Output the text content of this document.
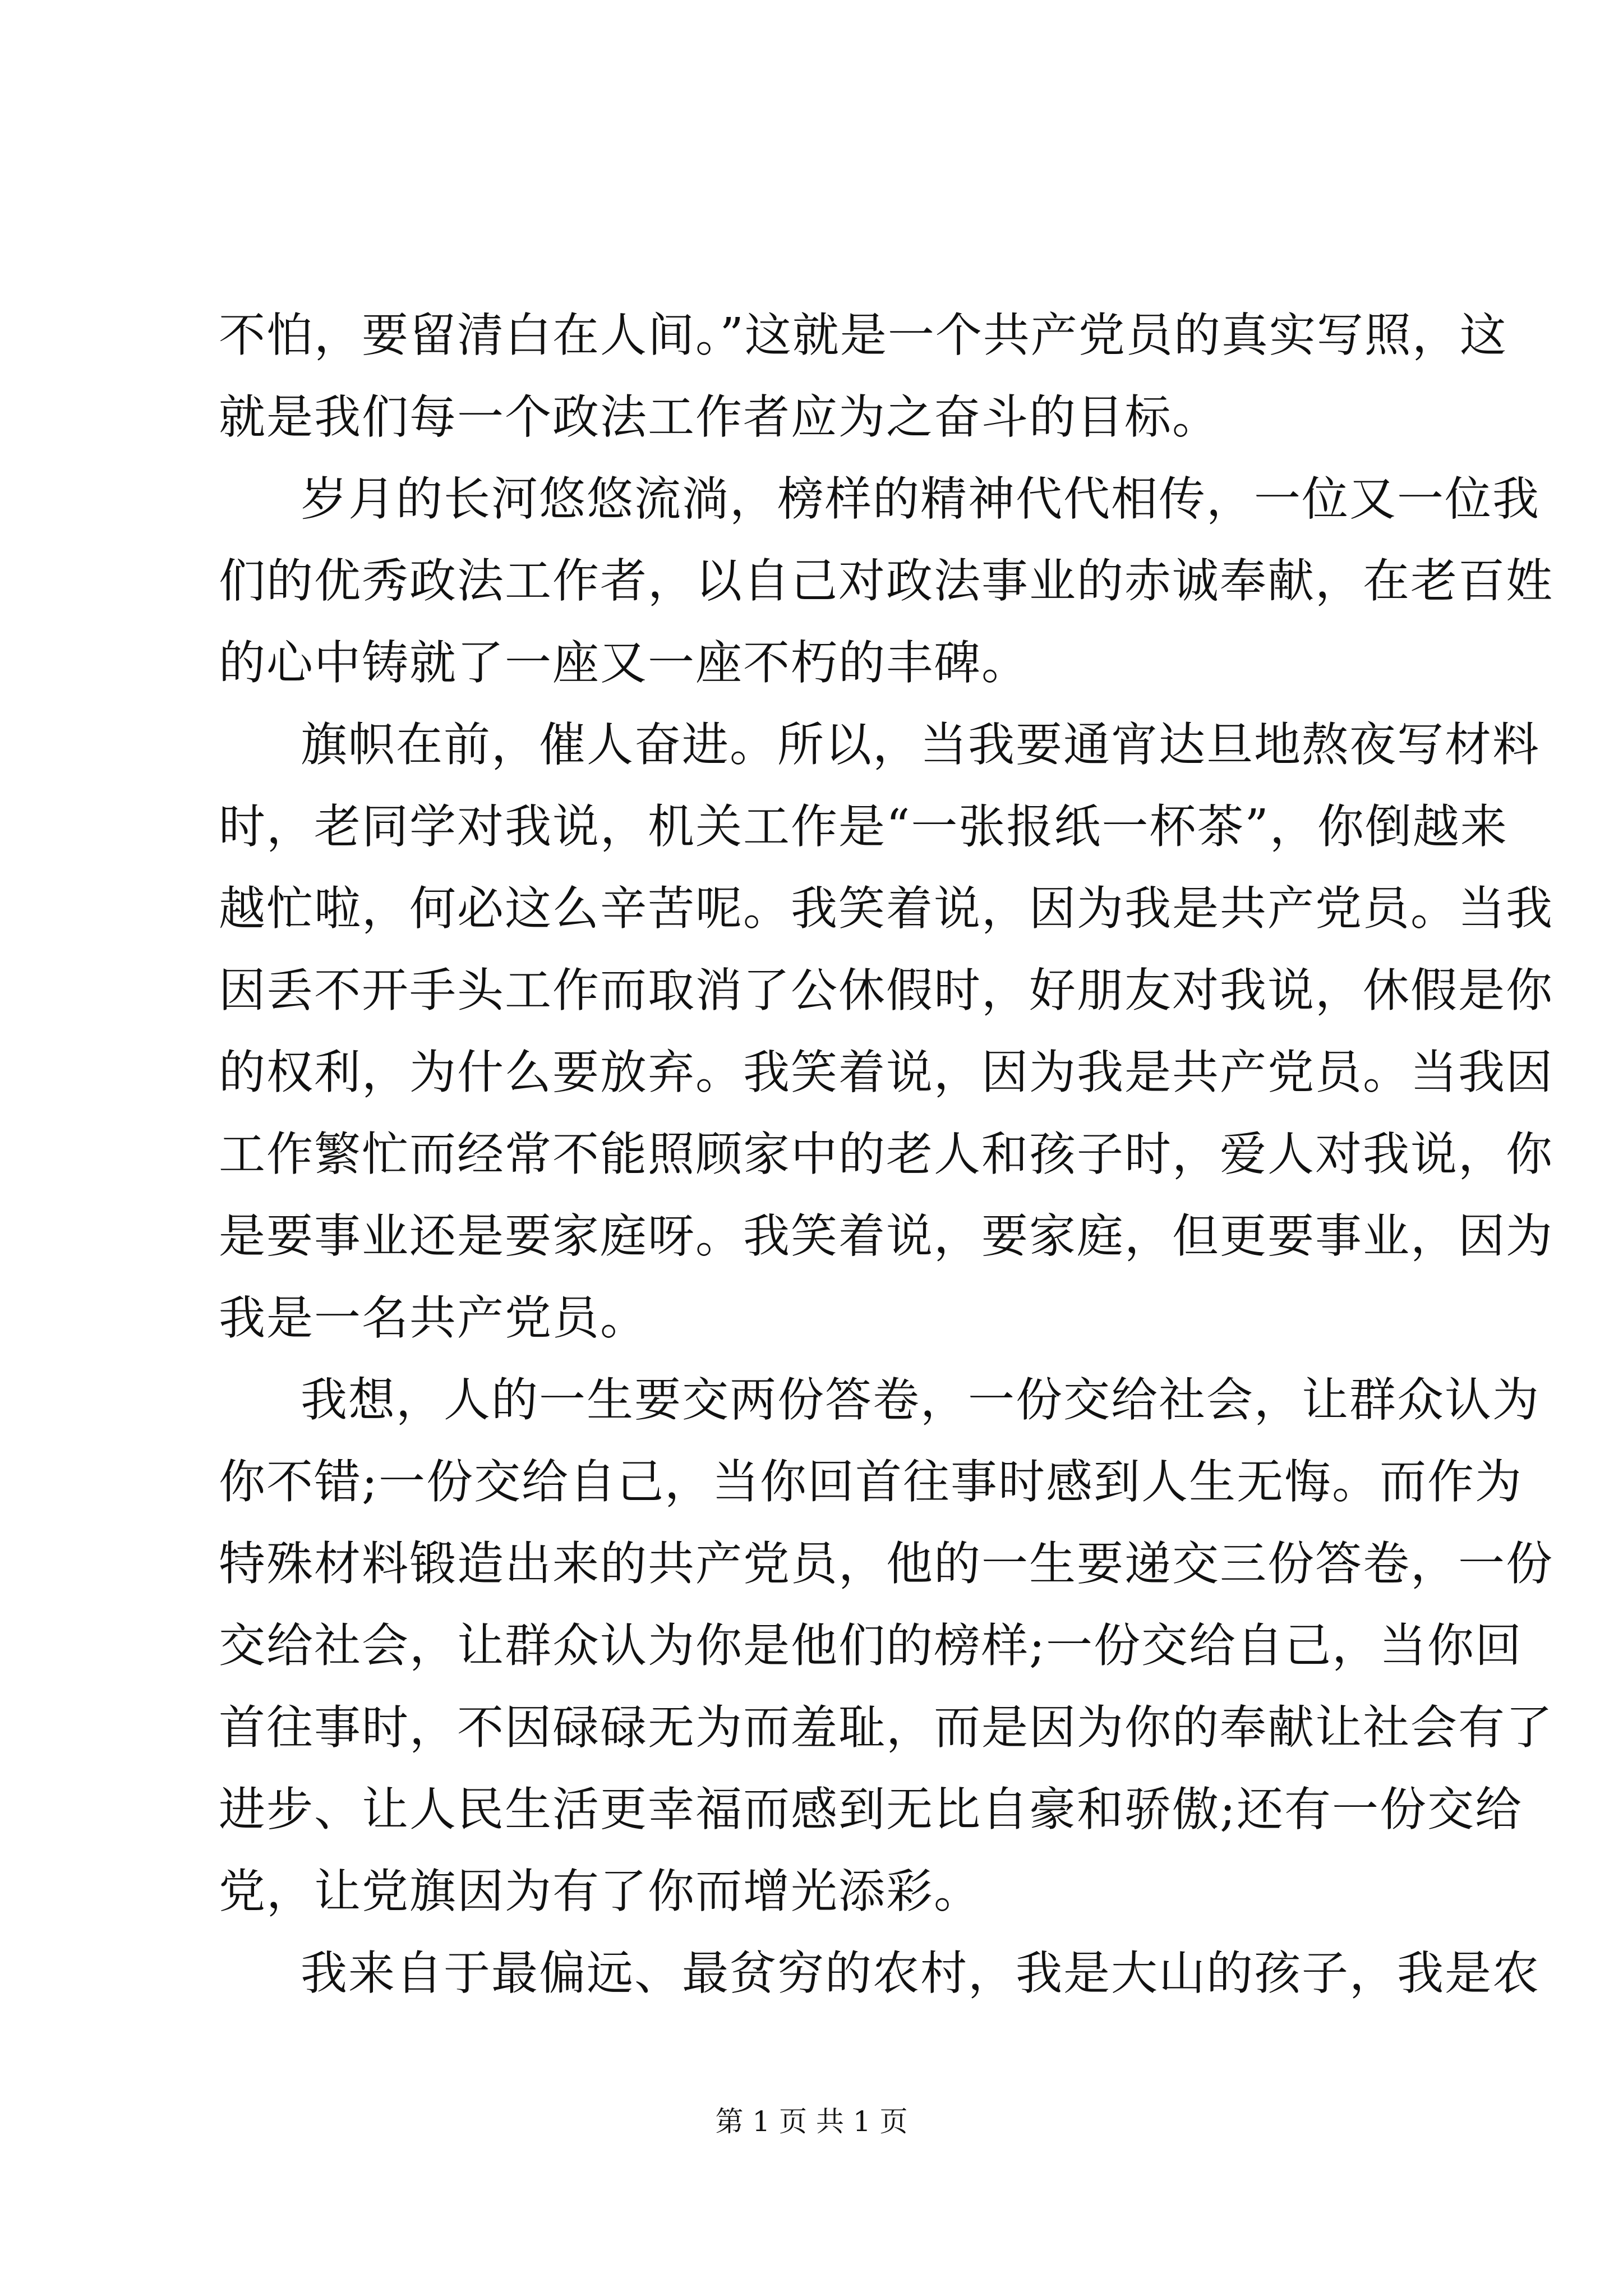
不怕，要留清白在人间。”这就是一个共产党员的真实写照，这
就是我们每一个政法工作者应为之奋斗的目标。
岁月的长河悠悠流淌，榜样的精神代代相传，一位又一位我
们的优秀政法工作者，以自己对政法事业的赤诚奉献，在老百姓
的心中铸就了一座又一座不朽的丰碑。
旗帜在前，催人奋进。所以，当我要通宵达旦地熬夜写材料
时，老同学对我说，机关工作是“一张报纸一杯茶”，你倒越来
越忙啦，何必这么辛苦呢。我笑着说，因为我是共产党员。当我
因丢不开手头工作而取消了公休假时，好朋友对我说，休假是你
的权利，为什么要放弃。我笑着说，因为我是共产党员。当我因
工作繁忙而经常不能照顾家中的老人和孩子时，爱人对我说，你
是要事业还是要家庭呀。我笑着说，要家庭，但更要事业，因为
我是一名共产党员。
我想，人的一生要交两份答卷，一份交给社会，让群众认为
你不错;一份交给自己，当你回首往事时感到人生无悔。而作为
特殊材料锻造出来的共产党员，他的一生要递交三份答卷，一份
交给社会，让群众认为你是他们的榜样;一份交给自己，当你回
首往事时，不因碌碌无为而羞耻，而是因为你的奉献让社会有了
进步、让人民生活更幸福而感到无比自豪和骄傲;还有一份交给
党，让党旗因为有了你而增光添彩。
我来自于最偏远、最贫穷的农村，我是大山的孩子，我是农
第 1 页 共 1 页
